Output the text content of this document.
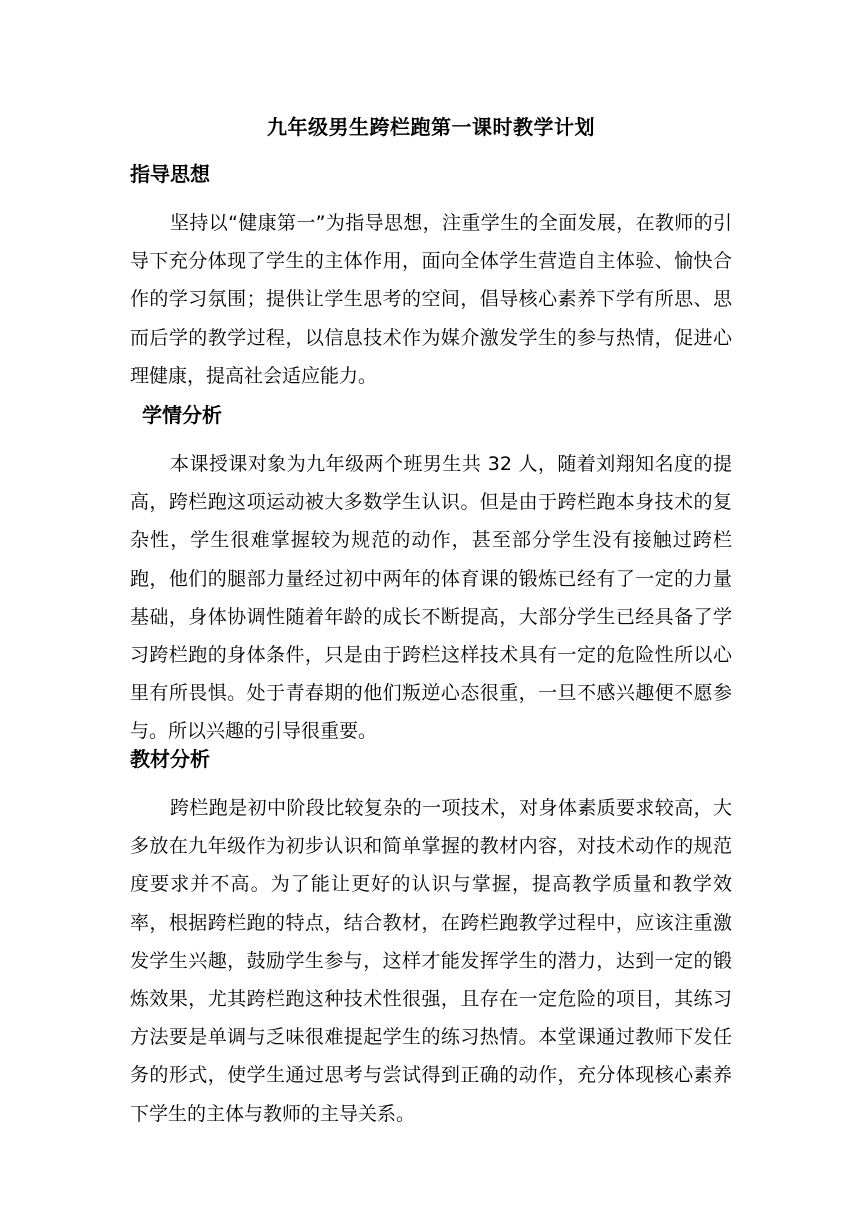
九年级男生跨栏跑第一课时教学计划
指导思想
坚持以“健康第一”为指导思想，注重学生的全面发展，在教师的引导下充分体现了学生的主体作用，面向全体学生营造自主体验、愉快合作的学习氛围；提供让学生思考的空间，倡导核心素养下学有所思、思而后学的教学过程，以信息技术作为媒介激发学生的参与热情，促进心理健康，提高社会适应能力。
学情分析
本课授课对象为九年级两个班男生共 32 人，随着刘翔知名度的提高，跨栏跑这项运动被大多数学生认识。但是由于跨栏跑本身技术的复杂性，学生很难掌握较为规范的动作，甚至部分学生没有接触过跨栏跑，他们的腿部力量经过初中两年的体育课的锻炼已经有了一定的力量基础，身体协调性随着年龄的成长不断提高，大部分学生已经具备了学习跨栏跑的身体条件，只是由于跨栏这样技术具有一定的危险性所以心里有所畏惧。处于青春期的他们叛逆心态很重，一旦不感兴趣便不愿参与。所以兴趣的引导很重要。
教材分析
跨栏跑是初中阶段比较复杂的一项技术，对身体素质要求较高，大多放在九年级作为初步认识和简单掌握的教材内容，对技术动作的规范度要求并不高。为了能让更好的认识与掌握，提高教学质量和教学效率，根据跨栏跑的特点，结合教材，在跨栏跑教学过程中，应该注重激发学生兴趣，鼓励学生参与，这样才能发挥学生的潜力，达到一定的锻炼效果，尤其跨栏跑这种技术性很强，且存在一定危险的项目，其练习方法要是单调与乏味很难提起学生的练习热情。本堂课通过教师下发任务的形式，使学生通过思考与尝试得到正确的动作，充分体现核心素养下学生的主体与教师的主导关系。
